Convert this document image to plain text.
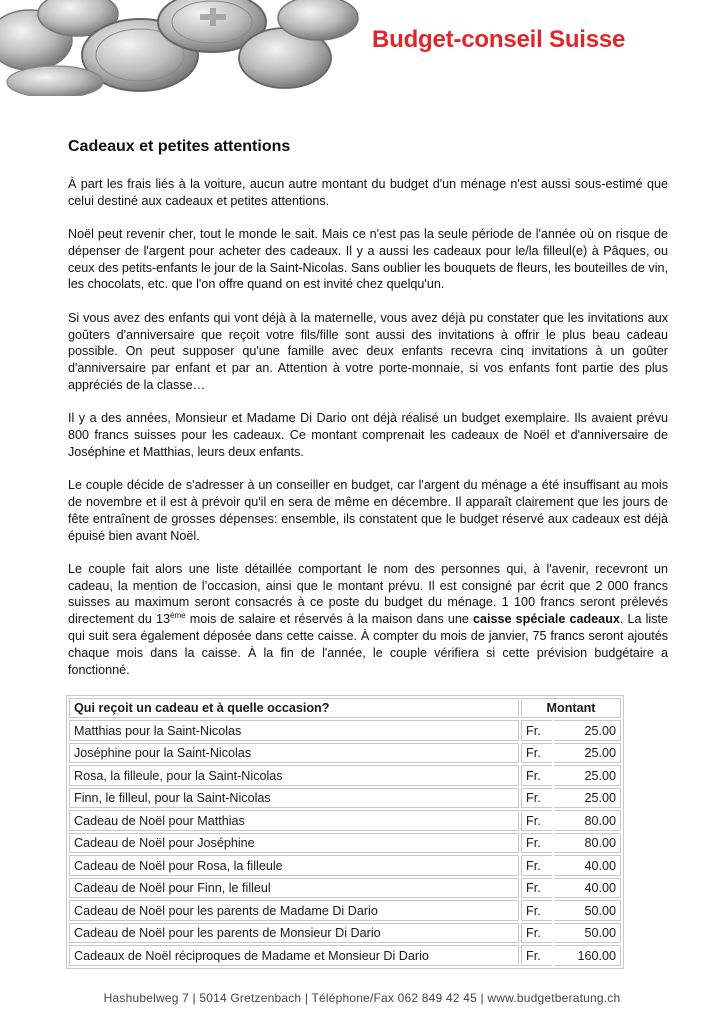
Budget-conseil Suisse
Cadeaux et petites attentions

À part les frais liés à la voiture, aucun autre montant du budget d'un ménage n'est aussi sous-estimé que celui destiné aux cadeaux et petites attentions.

Noël peut revenir cher, tout le monde le sait. Mais ce n'est pas la seule période de l'année où on risque de dépenser de l'argent pour acheter des cadeaux. Il y a aussi les cadeaux pour le/la filleul(e) à Pâques, ou ceux des petits-enfants le jour de la Saint-Nicolas. Sans oublier les bouquets de fleurs, les bouteilles de vin, les chocolats, etc. que l'on offre quand on est invité chez quelqu'un.

Si vous avez des enfants qui vont déjà à la maternelle, vous avez déjà pu constater que les invitations aux goûters d'anniversaire que reçoit votre fils/fille sont aussi des invitations à offrir le plus beau cadeau possible. On peut supposer qu'une famille avec deux enfants recevra cinq invitations à un goûter d'anniversaire par enfant et par an. Attention à votre porte-monnaie, si vos enfants font partie des plus appréciés de la classe…

Il y a des années, Monsieur et Madame Di Dario ont déjà réalisé un budget exemplaire. Ils avaient prévu 800 francs suisses pour les cadeaux. Ce montant comprenait les cadeaux de Noël et d'anniversaire de Joséphine et Matthias, leurs deux enfants.

Le couple décide de s'adresser à un conseiller en budget, car l'argent du ménage a été insuffisant au mois de novembre et il est à prévoir qu'il en sera de même en décembre. Il apparaît clairement que les jours de fête entraînent de grosses dépenses: ensemble, ils constatent que le budget réservé aux cadeaux est déjà épuisé bien avant Noël.

Le couple fait alors une liste détaillée comportant le nom des personnes qui, à l'avenir, recevront un cadeau, la mention de l’occasion, ainsi que le montant prévu. Il est consigné par écrit que 2 000 francs suisses au maximum seront consacrés à ce poste du budget du ménage. 1 100 francs seront prélevés directement du 13ème mois de salaire et réservés à la maison dans une caisse spéciale cadeaux. La liste qui suit sera également déposée dans cette caisse. À compter du mois de janvier, 75 francs seront ajoutés chaque mois dans la caisse. À la fin de l'année, le couple vérifiera si cette prévision budgétaire a fonctionné.

Qui reçoit un cadeau et à quelle occasion?	Montant	
Matthias pour la Saint-Nicolas	Fr.	25.00
Joséphine pour la Saint-Nicolas	Fr.	25.00
Rosa, la filleule, pour la Saint-Nicolas	Fr.	25.00
Finn, le filleul, pour la Saint-Nicolas	Fr.	25.00
Cadeau de Noël pour Matthias	Fr.	80.00
Cadeau de Noël pour Joséphine	Fr.	80.00
Cadeau de Noël pour Rosa, la filleule	Fr.	40.00
Cadeau de Noël pour Finn, le filleul	Fr.	40.00
Cadeau de Noël pour les parents de Madame Di Dario	Fr.	50.00
Cadeau de Noël pour les parents de Monsieur Di Dario	Fr.	50.00
Cadeaux de Noël réciproques de Madame et Monsieur Di Dario	Fr.	160.00
Hashubelweg 7 | 5014 Gretzenbach | Téléphone/Fax 062 849 42 45 | www.budgetberatung.ch
